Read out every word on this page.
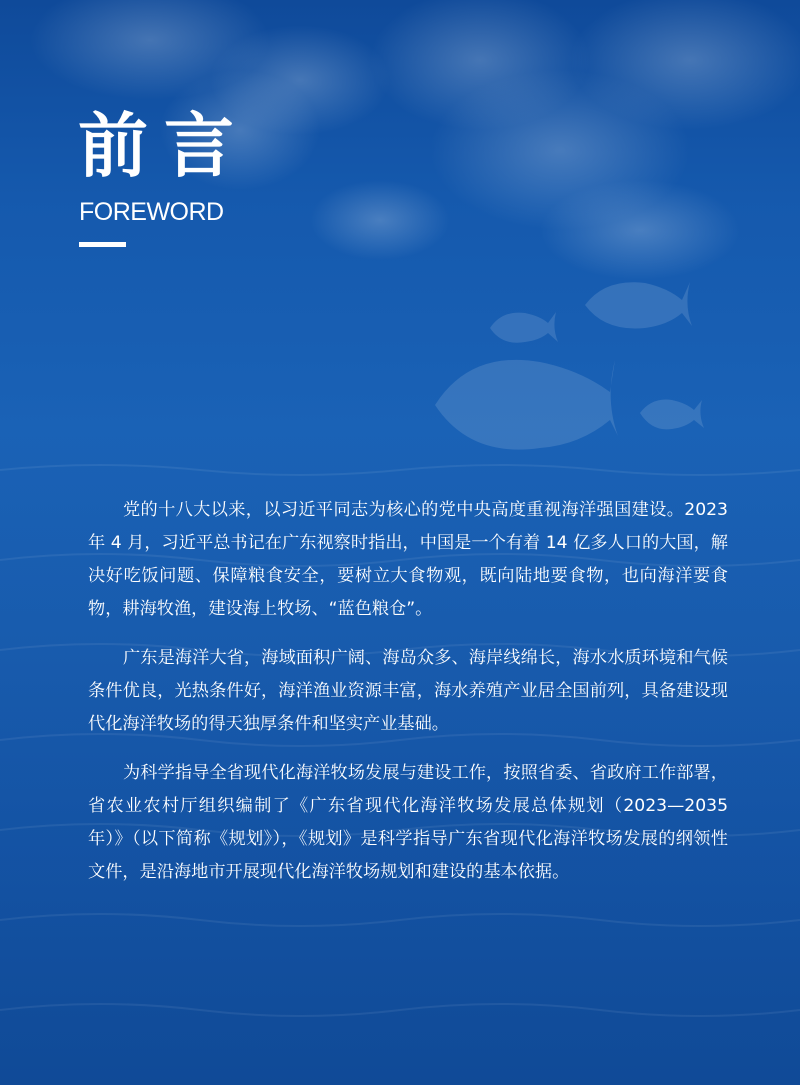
前言
FOREWORD

党的十八大以来，以习近平同志为核心的党中央高度重视海洋强国建设。2023 年 4 月，习近平总书记在广东视察时指出，中国是一个有着 14 亿多人口的大国，解决好吃饭问题、保障粮食安全，要树立大食物观，既向陆地要食物，也向海洋要食物，耕海牧渔，建设海上牧场、“蓝色粮仓”。

广东是海洋大省，海域面积广阔、海岛众多、海岸线绵长，海水水质环境和气候条件优良，光热条件好，海洋渔业资源丰富，海水养殖产业居全国前列，具备建设现代化海洋牧场的得天独厚条件和坚实产业基础。

为科学指导全省现代化海洋牧场发展与建设工作，按照省委、省政府工作部署，省农业农村厅组织编制了《广东省现代化海洋牧场发展总体规划（2023—2035 年）》（以下简称《规划》），《规划》是科学指导广东省现代化海洋牧场发展的纲领性文件，是沿海地市开展现代化海洋牧场规划和建设的基本依据。
